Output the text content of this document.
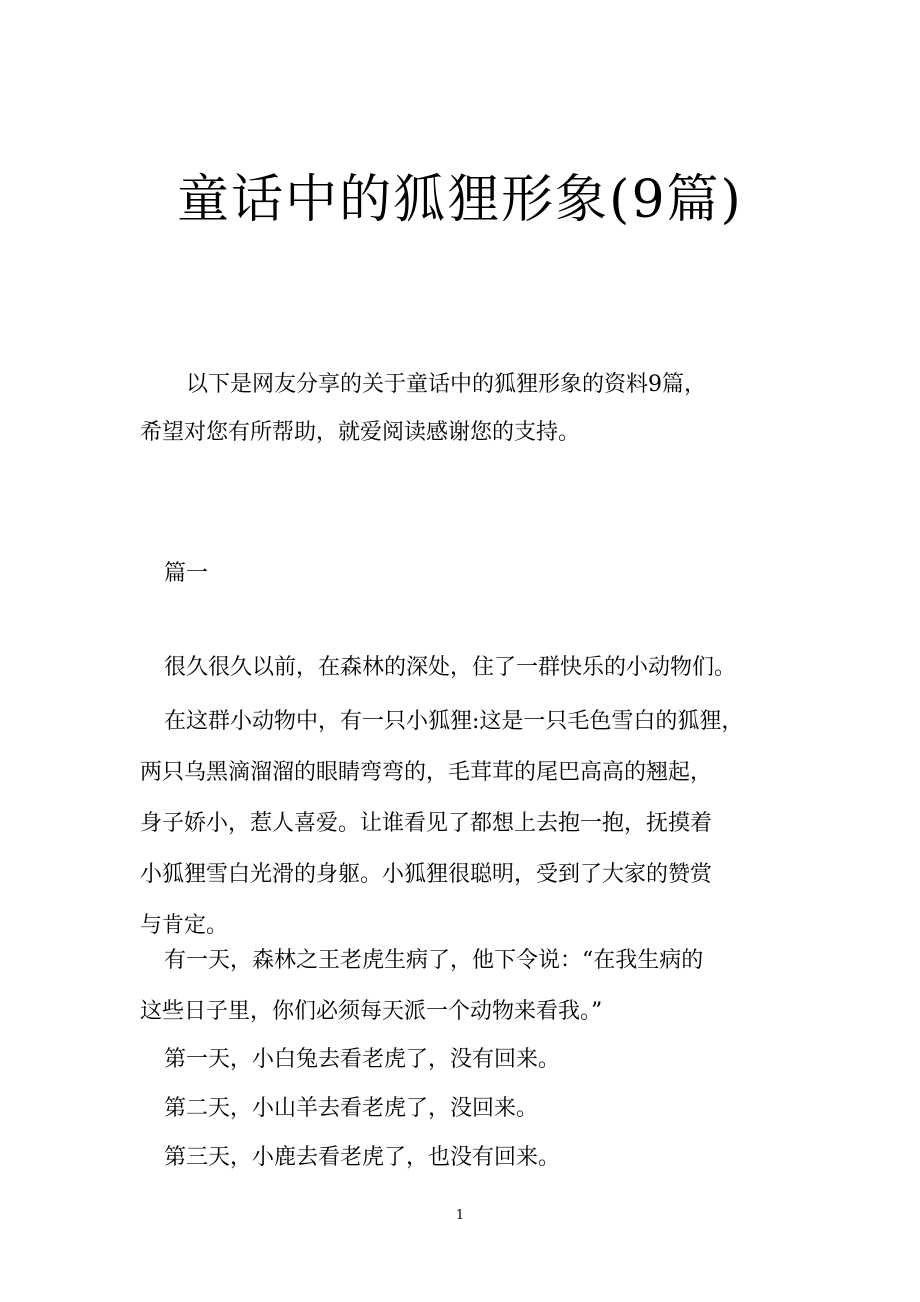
童话中的狐狸形象(9篇)

以下是网友分享的关于童话中的狐狸形象的资料9篇，

希望对您有所帮助，就爱阅读感谢您的支持。

篇一

很久很久以前，在森林的深处，住了一群快乐的小动物们。
在这群小动物中，有一只小狐狸:这是一只毛色雪白的狐狸，
两只乌黑滴溜溜的眼睛弯弯的，毛茸茸的尾巴高高的翘起，
身子娇小，惹人喜爱。让谁看见了都想上去抱一抱，抚摸着
小狐狸雪白光滑的身躯。小狐狸很聪明，受到了大家的赞赏
与肯定。
有一天，森林之王老虎生病了，他下令说：“在我生病的
这些日子里，你们必须每天派一个动物来看我。”
第一天，小白兔去看老虎了，没有回来。
第二天，小山羊去看老虎了，没回来。
第三天，小鹿去看老虎了，也没有回来。

1
